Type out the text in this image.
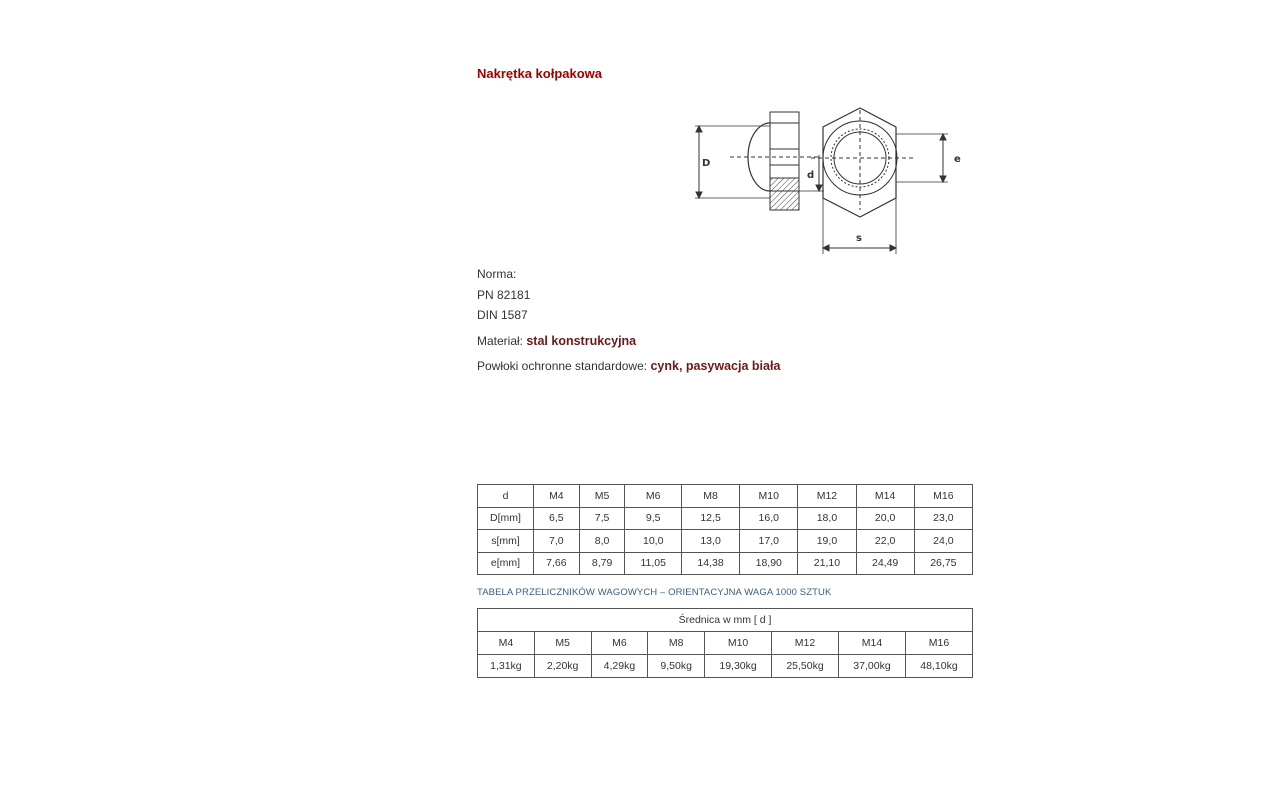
Nakrętka kołpakowa
D
d
e
s
Norma:
PN 82181
DIN 1587
Materiał: stal konstrukcyjna
Powłoki ochronne standardowe: cynk, pasywacja biała
d	M4	M5	M6	M8	M10	M12	M14	M16
D[mm]	6,5	7,5	9,5	12,5	16,0	18,0	20,0	23,0
s[mm]	7,0	8,0	10,0	13,0	17,0	19,0	22,0	24,0
e[mm]	7,66	8,79	11,05	14,38	18,90	21,10	24,49	26,75
TABELA PRZELICZNIKÓW WAGOWYCH – ORIENTACYJNA WAGA 1000 SZTUK
Średnica w mm [ d ]							
M4	M5	M6	M8	M10	M12	M14	M16
1,31kg	2,20kg	4,29kg	9,50kg	19,30kg	25,50kg	37,00kg	48,10kg
